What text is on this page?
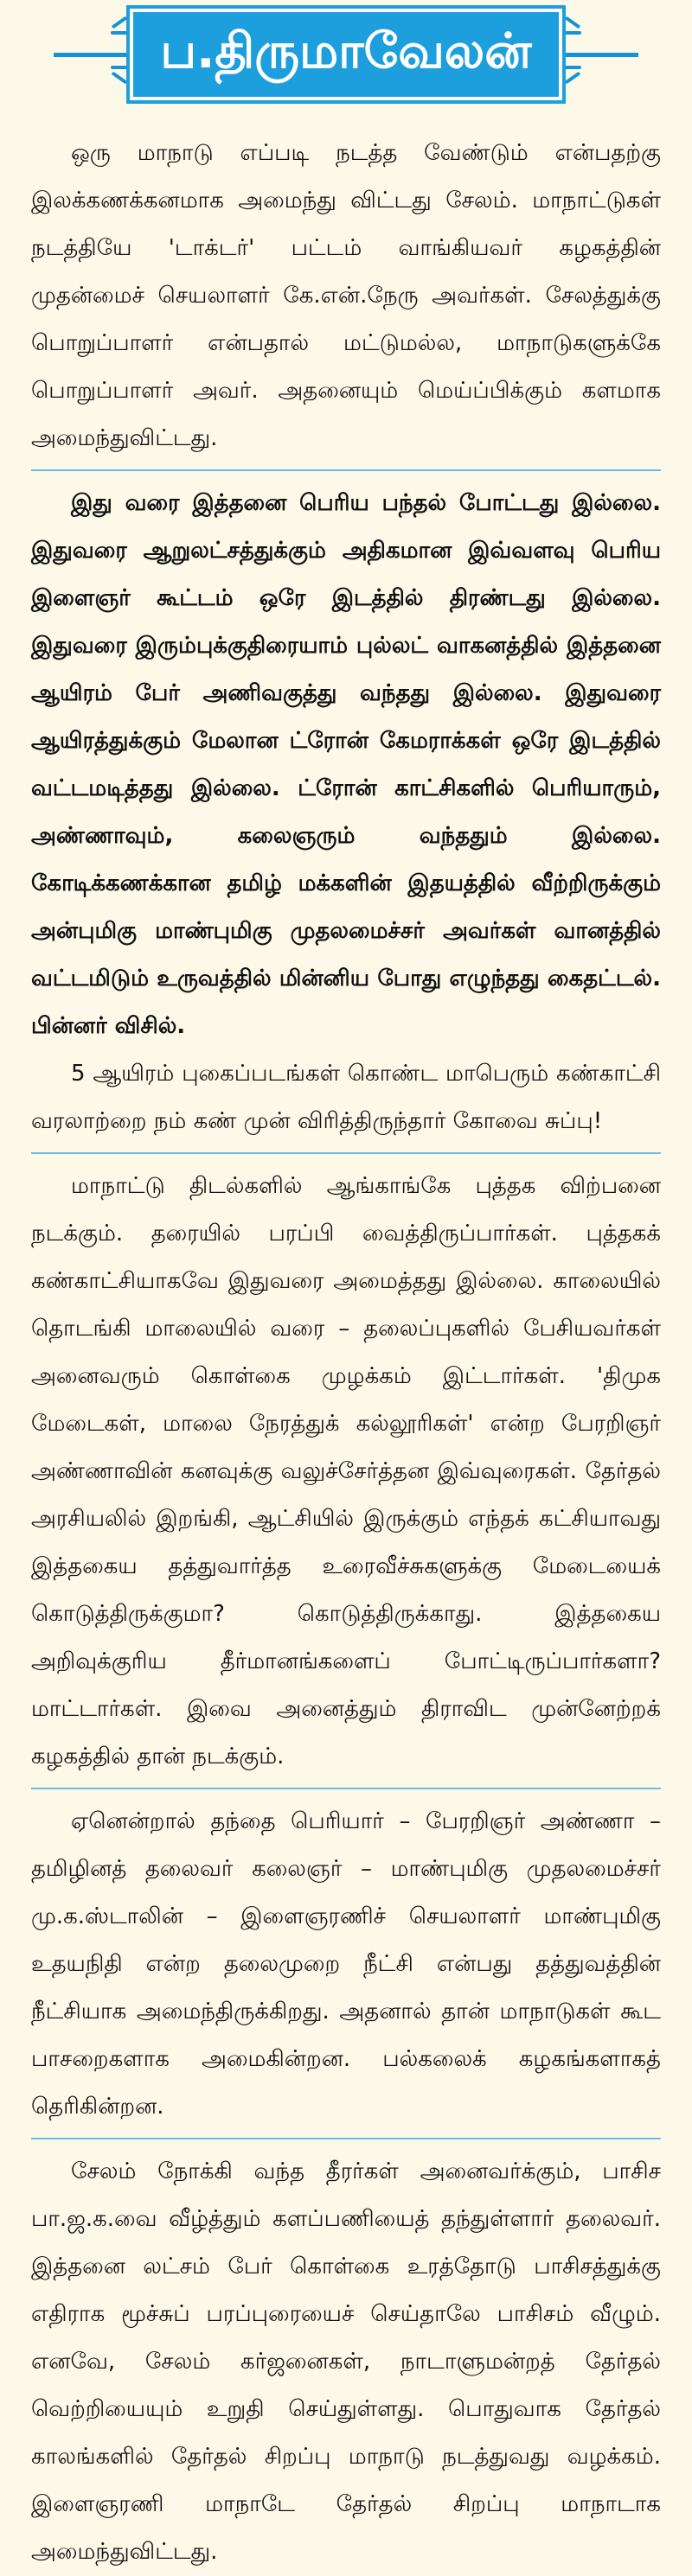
ப.திருமாவேலன்

ஒரு மாநாடு எப்படி நடத்த வேண்டும் என்பதற்கு இலக்கணக்கனமாக அமைந்து விட்டது சேலம். மாநாட்டுகள் நடத்தியே 'டாக்டர்' பட்டம் வாங்கியவர் கழகத்தின் முதன்மைச் செயலாளர் கே.என்.நேரு அவர்கள். சேலத்துக்கு பொறுப்பாளர் என்பதால் மட்டுமல்ல, மாநாடுகளுக்கே பொறுப்பாளர் அவர். அதனையும் மெய்ப்பிக்கும் களமாக அமைந்துவிட்டது.

இது வரை இத்தனை பெரிய பந்தல் போட்டது இல்லை. இதுவரை ஆறுலட்சத்துக்கும் அதிகமான இவ்வளவு பெரிய இளைஞர் கூட்டம் ஒரே இடத்தில் திரண்டது இல்லை. இதுவரை இரும்புக்குதிரையாம் புல்லட் வாகனத்தில் இத்தனை ஆயிரம் பேர் அணிவகுத்து வந்தது இல்லை. இதுவரை ஆயிரத்துக்கும் மேலான ட்ரோன் கேமராக்கள் ஒரே இடத்தில் வட்டமடித்தது இல்லை. ட்ரோன் காட்சிகளில் பெரியாரும், அண்ணாவும், கலைஞரும் வந்ததும் இல்லை. கோடிக்கணக்கான தமிழ் மக்களின் இதயத்தில் வீற்றிருக்கும் அன்புமிகு மாண்புமிகு முதலமைச்சர் அவர்கள் வானத்தில் வட்டமிடும் உருவத்தில் மின்னிய போது எழுந்தது கைதட்டல். பின்னர் விசில்.

5 ஆயிரம் புகைப்படங்கள் கொண்ட மாபெரும் கண்காட்சி வரலாற்றை நம் கண் முன் விரித்திருந்தார் கோவை சுப்பு!

மாநாட்டு திடல்களில் ஆங்காங்கே புத்தக விற்பனை நடக்கும். தரையில் பரப்பி வைத்திருப்பார்கள். புத்தகக் கண்காட்சியாகவே இதுவரை அமைத்தது இல்லை. காலையில் தொடங்கி மாலையில் வரை – தலைப்புகளில் பேசியவர்கள் அனைவரும் கொள்கை முழக்கம் இட்டார்கள். 'திமுக மேடைகள், மாலை நேரத்துக் கல்லூரிகள்' என்ற பேரறிஞர் அண்ணாவின் கனவுக்கு வலுச்சேர்த்தன இவ்வுரைகள். தேர்தல் அரசியலில் இறங்கி, ஆட்சியில் இருக்கும் எந்தக் கட்சியாவது இத்தகைய தத்துவார்த்த உரைவீச்சுகளுக்கு மேடையைக் கொடுத்திருக்குமா? கொடுத்திருக்காது. இத்தகைய அறிவுக்குரிய தீர்மானங்களைப் போட்டிருப்பார்களா? மாட்டார்கள். இவை அனைத்தும் திராவிட முன்னேற்றக் கழகத்தில் தான் நடக்கும்.

ஏனென்றால் தந்தை பெரியார் – பேரறிஞர் அண்ணா – தமிழினத் தலைவர் கலைஞர் – மாண்புமிகு முதலமைச்சர் மு.க.ஸ்டாலின் – இளைஞரணிச் செயலாளர் மாண்புமிகு உதயநிதி என்ற தலைமுறை நீட்சி என்பது தத்துவத்தின் நீட்சியாக அமைந்திருக்கிறது. அதனால் தான் மாநாடுகள் கூட பாசறைகளாக அமைகின்றன. பல்கலைக் கழகங்களாகத் தெரிகின்றன.

சேலம் நோக்கி வந்த தீரர்கள் அனைவர்க்கும், பாசிச பா.ஜ.க.வை வீழ்த்தும் களப்பணியைத் தந்துள்ளார் தலைவர். இத்தனை லட்சம் பேர் கொள்கை உரத்தோடு பாசிசத்துக்கு எதிராக மூச்சுப் பரப்புரையைச் செய்தாலே பாசிசம் வீழும். எனவே, சேலம் கர்ஜனைகள், நாடாளுமன்றத் தேர்தல் வெற்றியையும் உறுதி செய்துள்ளது. பொதுவாக தேர்தல் காலங்களில் தேர்தல் சிறப்பு மாநாடு நடத்துவது வழக்கம். இளைஞரணி மாநாடே தேர்தல் சிறப்பு மாநாடாக அமைந்துவிட்டது.
